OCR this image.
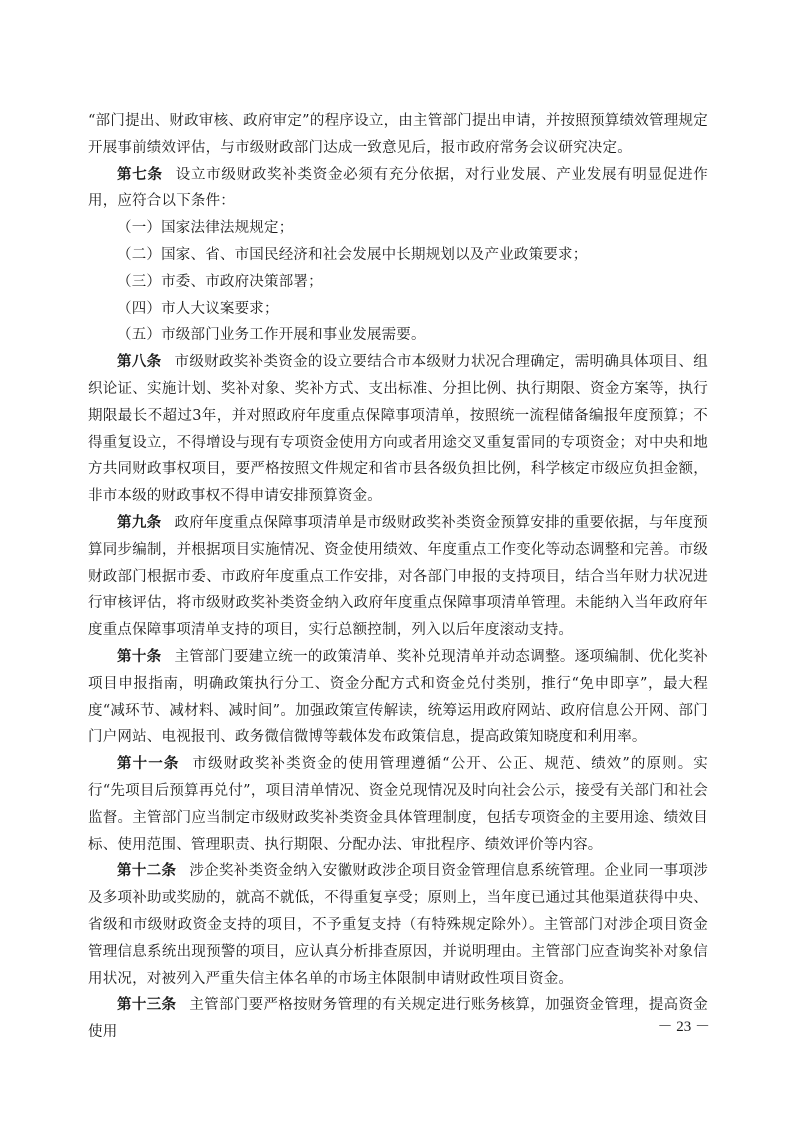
“部门提出、财政审核、政府审定”的程序设立，由主管部门提出申请，并按照预算绩效管理规定开展事前绩效评估，与市级财政部门达成一致意见后，报市政府常务会议研究决定。

第七条 设立市级财政奖补类资金必须有充分依据，对行业发展、产业发展有明显促进作用，应符合以下条件：

（一）国家法律法规规定；

（二）国家、省、市国民经济和社会发展中长期规划以及产业政策要求；

（三）市委、市政府决策部署；

（四）市人大议案要求；

（五）市级部门业务工作开展和事业发展需要。

第八条 市级财政奖补类资金的设立要结合市本级财力状况合理确定，需明确具体项目、组织论证、实施计划、奖补对象、奖补方式、支出标准、分担比例、执行期限、资金方案等，执行期限最长不超过3年，并对照政府年度重点保障事项清单，按照统一流程储备编报年度预算；不得重复设立，不得增设与现有专项资金使用方向或者用途交叉重复雷同的专项资金；对中央和地方共同财政事权项目，要严格按照文件规定和省市县各级负担比例，科学核定市级应负担金额，非市本级的财政事权不得申请安排预算资金。

第九条 政府年度重点保障事项清单是市级财政奖补类资金预算安排的重要依据，与年度预算同步编制，并根据项目实施情况、资金使用绩效、年度重点工作变化等动态调整和完善。市级财政部门根据市委、市政府年度重点工作安排，对各部门申报的支持项目，结合当年财力状况进行审核评估，将市级财政奖补类资金纳入政府年度重点保障事项清单管理。未能纳入当年政府年度重点保障事项清单支持的项目，实行总额控制，列入以后年度滚动支持。

第十条 主管部门要建立统一的政策清单、奖补兑现清单并动态调整。逐项编制、优化奖补项目申报指南，明确政策执行分工、资金分配方式和资金兑付类别，推行“免申即享”，最大程度“减环节、减材料、减时间”。加强政策宣传解读，统筹运用政府网站、政府信息公开网、部门门户网站、电视报刊、政务微信微博等载体发布政策信息，提高政策知晓度和利用率。

第十一条 市级财政奖补类资金的使用管理遵循“公开、公正、规范、绩效”的原则。实行“先项目后预算再兑付”，项目清单情况、资金兑现情况及时向社会公示，接受有关部门和社会监督。主管部门应当制定市级财政奖补类资金具体管理制度，包括专项资金的主要用途、绩效目标、使用范围、管理职责、执行期限、分配办法、审批程序、绩效评价等内容。

第十二条 涉企奖补类资金纳入安徽财政涉企项目资金管理信息系统管理。企业同一事项涉及多项补助或奖励的，就高不就低，不得重复享受；原则上，当年度已通过其他渠道获得中央、省级和市级财政资金支持的项目，不予重复支持（有特殊规定除外）。主管部门对涉企项目资金管理信息系统出现预警的项目，应认真分析排查原因，并说明理由。主管部门应查询奖补对象信用状况，对被列入严重失信主体名单的市场主体限制申请财政性项目资金。

第十三条 主管部门要严格按财务管理的有关规定进行账务核算，加强资金管理，提高资金使用	－ 23 －
